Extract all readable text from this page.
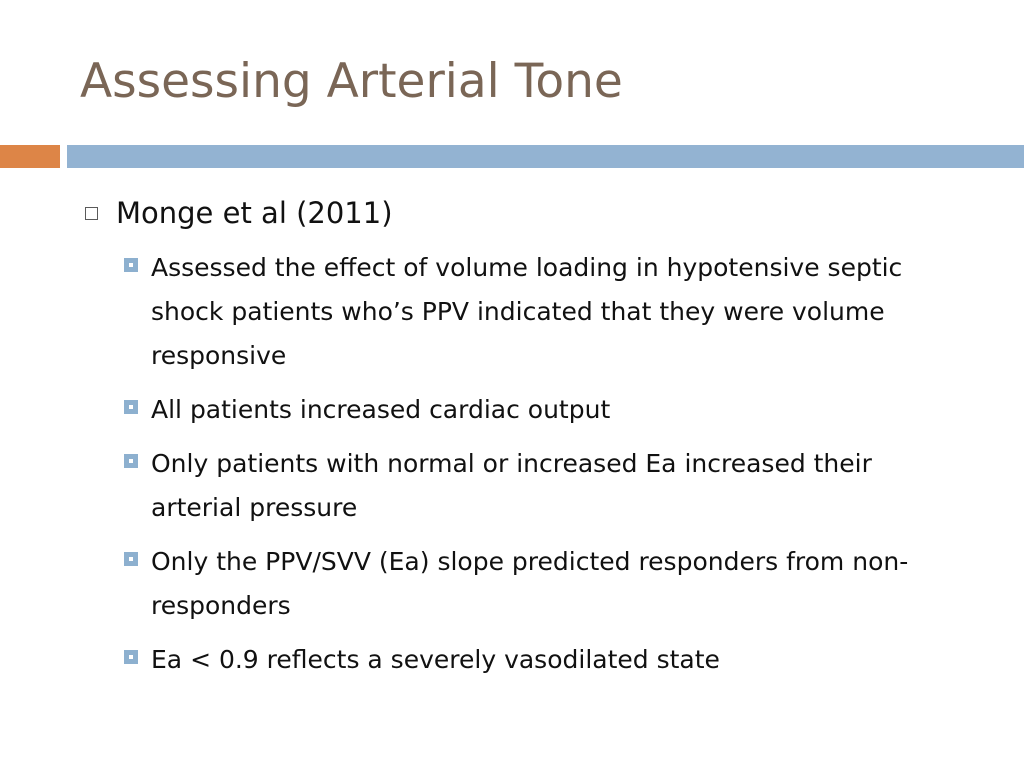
Assessing Arterial Tone
Monge et al (2011)
Assessed the effect of volume loading in hypotensive septic shock patients who’s PPV indicated that they were volume responsive
All patients increased cardiac output
Only patients with normal or increased Ea increased their arterial pressure
Only the PPV/SVV (Ea) slope predicted responders from non-responders
Ea < 0.9 reflects a severely vasodilated state
